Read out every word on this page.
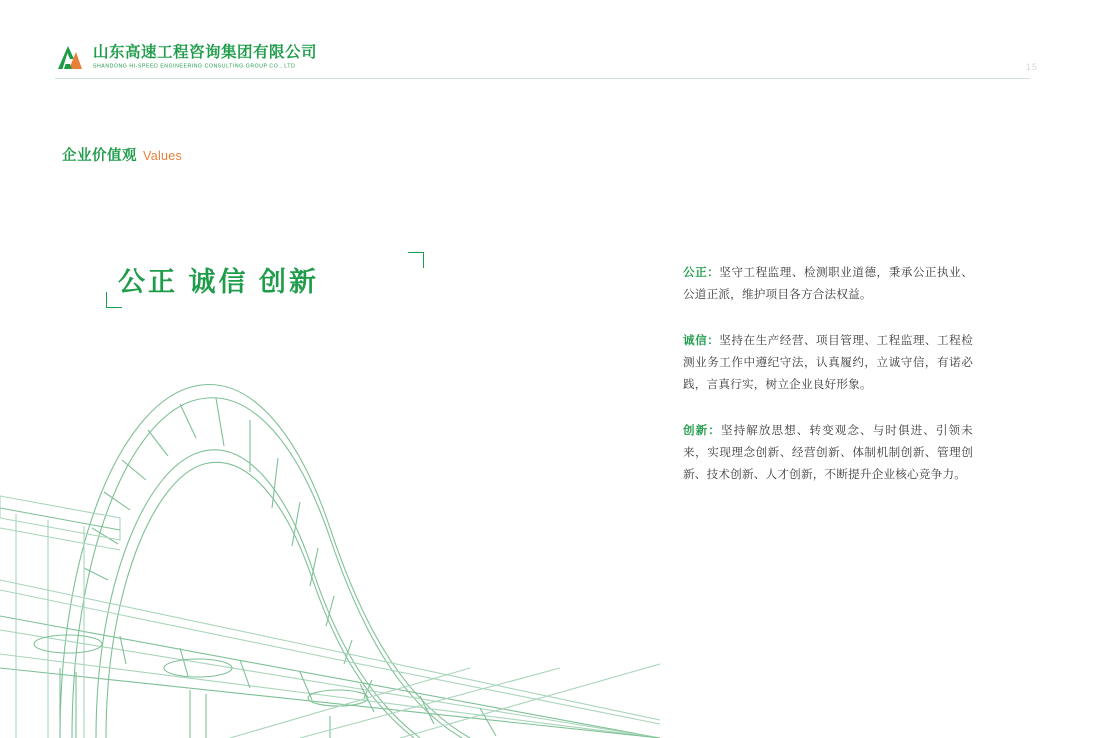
山东高速工程咨询集团有限公司
SHANDONG HI-SPEED ENGINEERING CONSULTING GROUP CO., LTD	15
企业价值观 Values
公正 诚信 创新	公正：坚守工程监理、检测职业道德，秉承公正执业、公道正派，维护项目各方合法权益。

诚信：坚持在生产经营、项目管理、工程监理、工程检测业务工作中遵纪守法，认真履约，立诚守信，有诺必践，言真行实，树立企业良好形象。

创新：坚持解放思想、转变观念、与时俱进、引领未来，实现理念创新、经营创新、体制机制创新、管理创新、技术创新、人才创新，不断提升企业核心竞争力。
